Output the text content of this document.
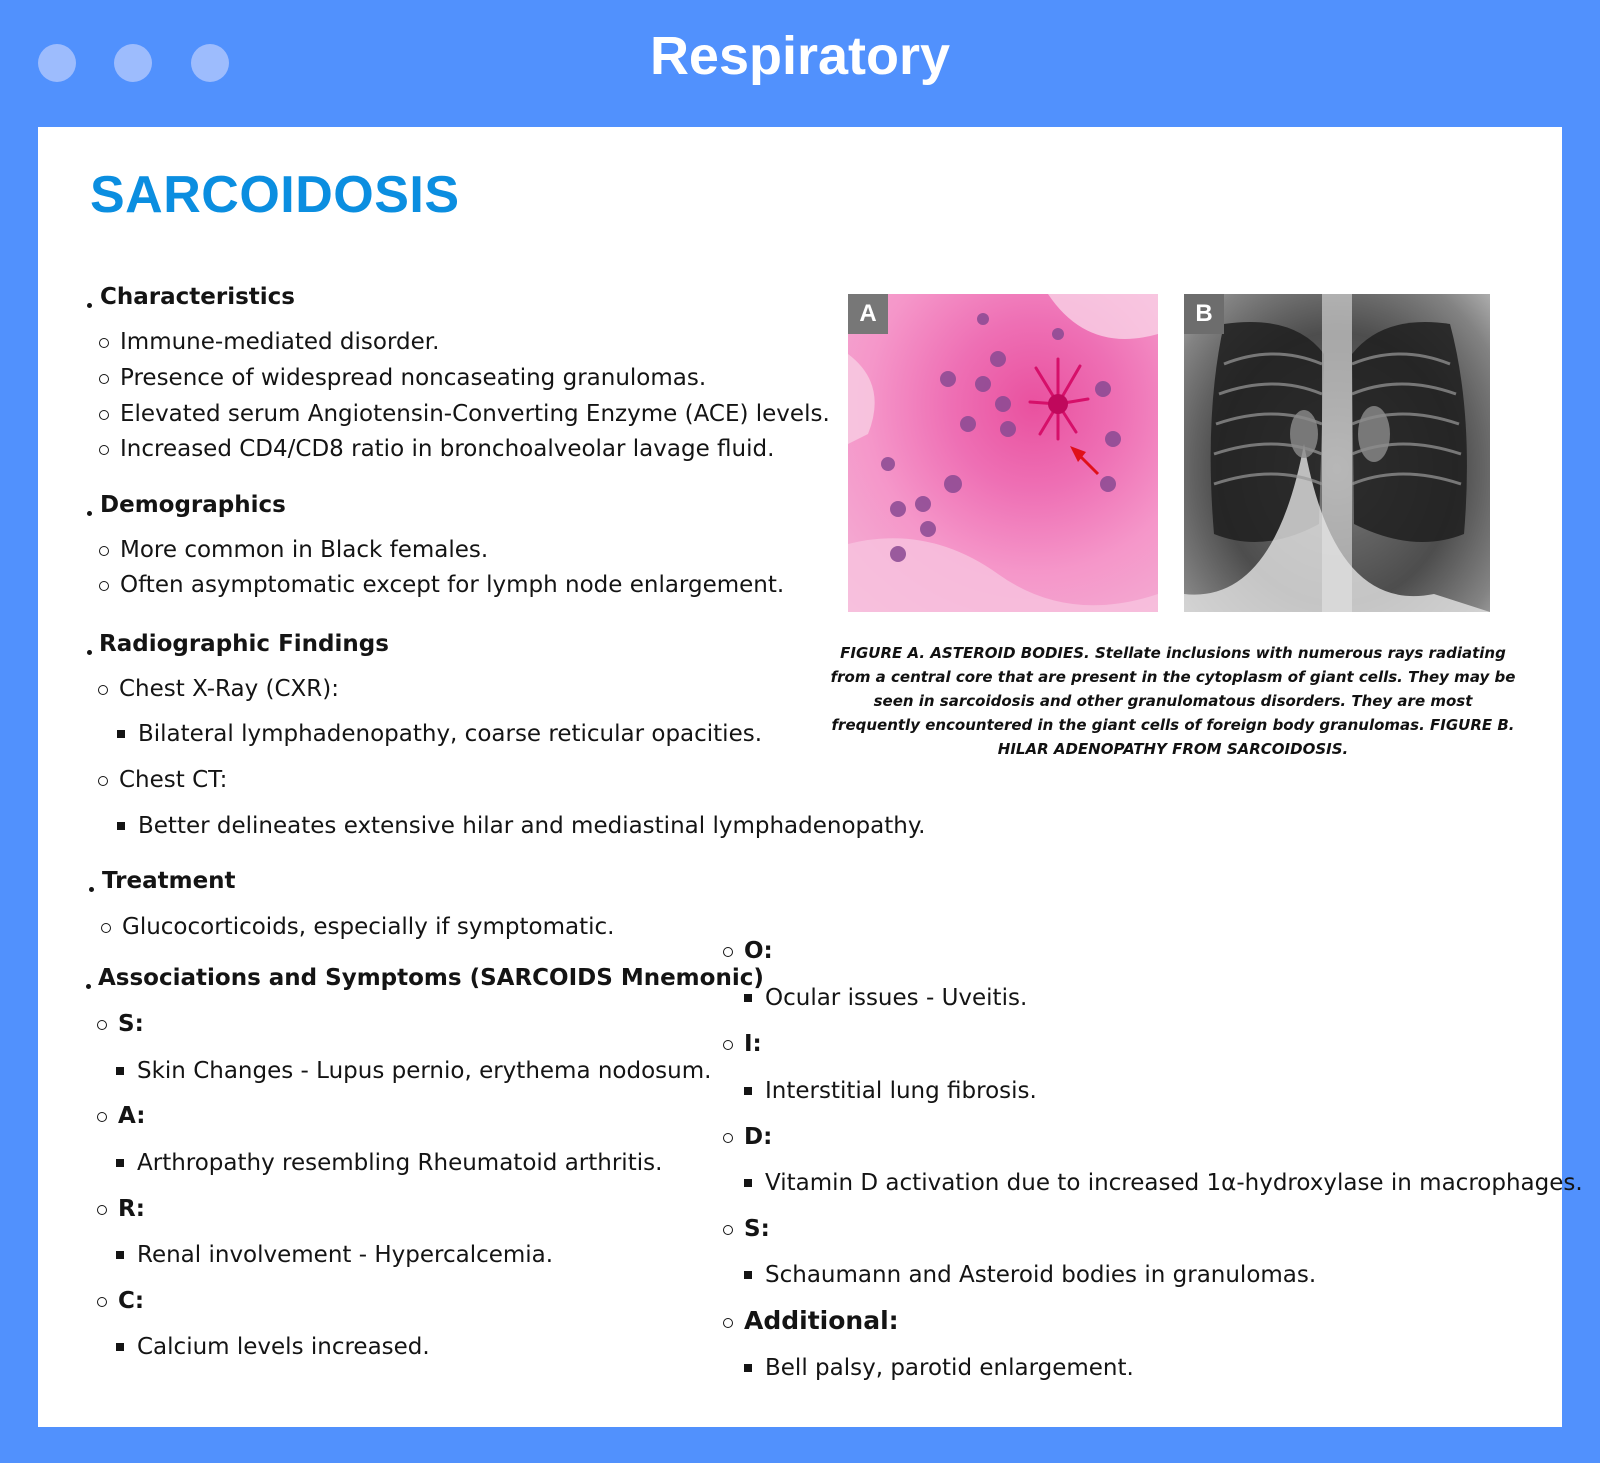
Respiratory
SARCOIDOSIS
Characteristics
Immune-mediated disorder.
Presence of widespread noncaseating granulomas.
Elevated serum Angiotensin-Converting Enzyme (ACE) levels.
Increased CD4/CD8 ratio in bronchoalveolar lavage fluid.
Demographics
More common in Black females.
Often asymptomatic except for lymph node enlargement.
Radiographic Findings
Chest X-Ray (CXR):
Bilateral lymphadenopathy, coarse reticular opacities.
Chest CT:
Better delineates extensive hilar and mediastinal lymphadenopathy.
Treatment
Glucocorticoids, especially if symptomatic.
Associations and Symptoms (SARCOIDS Mnemonic)
S:
Skin Changes - Lupus pernio, erythema nodosum.
A:
Arthropathy resembling Rheumatoid arthritis.
R:
Renal involvement - Hypercalcemia.
C:
Calcium levels increased.
O:
Ocular issues - Uveitis.
I:
Interstitial lung fibrosis.
D:
Vitamin D activation due to increased 1α-hydroxylase in macrophages.
S:
Schaumann and Asteroid bodies in granulomas.
Additional:
Bell palsy, parotid enlargement.
A	B
FIGURE A. ASTEROID BODIES. Stellate inclusions with numerous rays radiating from a central core that are present in the cytoplasm of giant cells. They may be seen in sarcoidosis and other granulomatous disorders. They are most frequently encountered in the giant cells of foreign body granulomas. FIGURE B. HILAR ADENOPATHY FROM SARCOIDOSIS.
